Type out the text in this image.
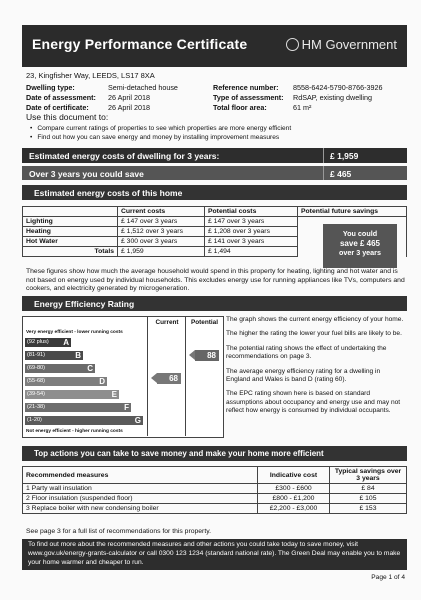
Energy Performance Certificate	HM Government
23, Kingfisher Way, LEEDS, LS17 8XA
Dwelling type:	Semi-detached house
Date of assessment: 26 April 2018
Date of certificate:	26 April 2018
Reference number: 8558-6424-5790-8766-3926
Type of assessment: RdSAP, existing dwelling
Total floor area:	61 m²
Use this document to:
• Compare current ratings of properties to see which properties are more energy efficient
• Find out how you can save energy and money by installing improvement measures
Estimated energy costs of dwelling for 3 years:	£ 1,959
Over 3 years you could save	£ 465
Estimated energy costs of this home
	Current costs	Potential costs	Potential future savings
Lighting	£ 147 over 3 years	£ 147 over 3 years	
Heating	£ 1,512 over 3 years	£ 1,208 over 3 years	
Hot Water	£ 300 over 3 years	£ 141 over 3 years	
Totals	£ 1,959	£ 1,494	
You could
save £ 465
over 3 years
These figures show how much the average household would spend in this property for heating, lighting and hot water and is not based on energy used by individual households. This excludes energy use for running appliances like TVs, computers and cookers, and electricity generated by microgeneration.
Energy Efficiency Rating
Current	Potential
Very energy efficient - lower running costs
(92 plus) A
(81-91)	B
(69-80)	C
(55-68)	D
(39-54)	E
(21-38)	F
(1-20)	G
Not energy efficient - higher running costs
68
88

The graph shows the current energy efficiency of your home.

The higher the rating the lower your fuel bills are likely to be.

The potential rating shows the effect of undertaking the recommendations on page 3.

The average energy efficiency rating for a dwelling in England and Wales is band D (rating 60).

The EPC rating shown here is based on standard assumptions about occupancy and energy use and may not reflect how energy is consumed by individual occupants.

Top actions you can take to save money and make your home more efficient
Recommended measures	Indicative cost	Typical savings over 3 years
1 Party wall insulation	£300 - £600	£ 84
2 Floor insulation (suspended floor)	£800 - £1,200	£ 105
3 Replace boiler with new condensing boiler	£2,200 - £3,000	£ 153
See page 3 for a full list of recommendations for this property.
To find out more about the recommended measures and other actions you could take today to save money, visit www.gov.uk/energy-grants-calculator or call 0300 123 1234 (standard national rate). The Green Deal may enable you to make your home warmer and cheaper to run.
Page 1 of 4
